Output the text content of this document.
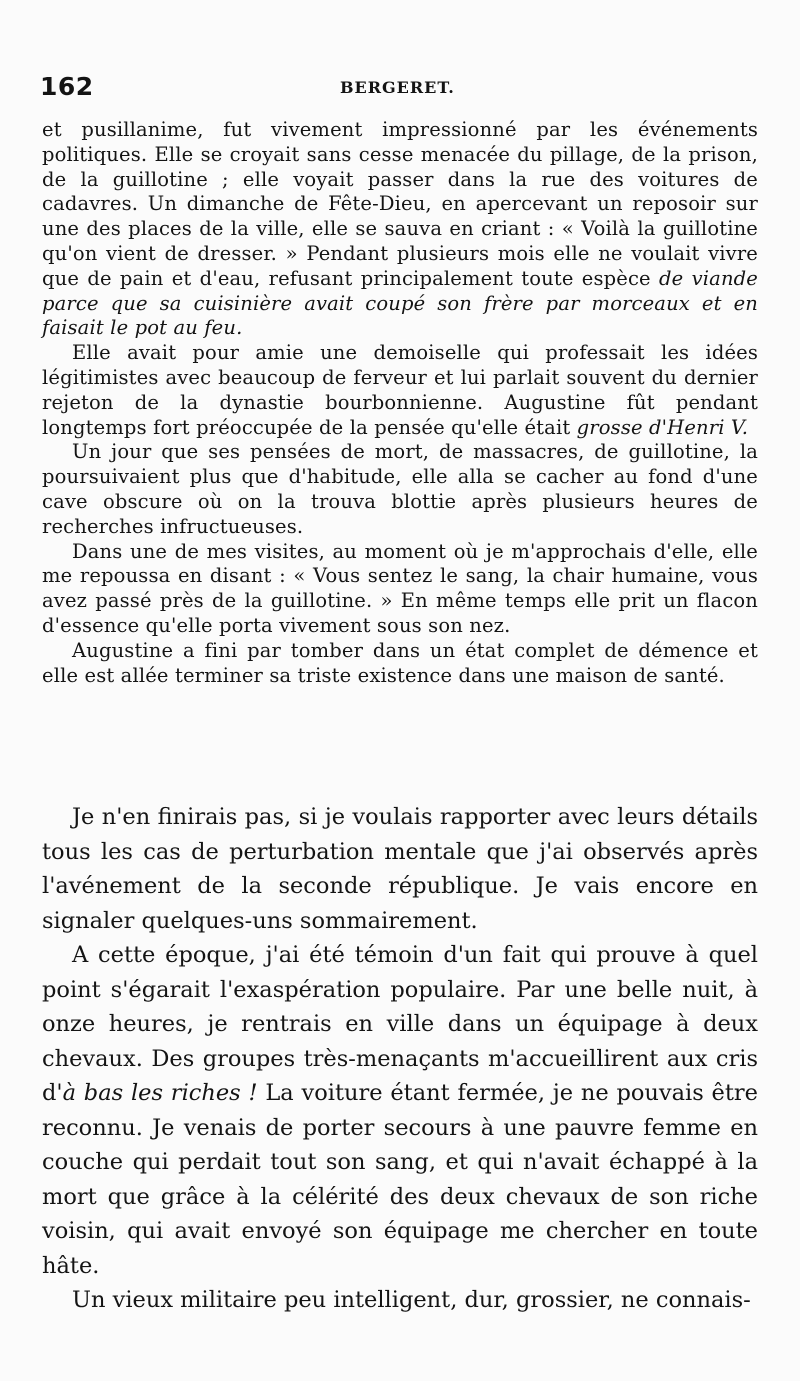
162	BERGERET.

et pusillanime, fut vivement impressionné par les événements politiques. Elle se croyait sans cesse menacée du pillage, de la prison, de la guillotine ; elle voyait passer dans la rue des voitures de cadavres. Un dimanche de Fête-Dieu, en apercevant un reposoir sur une des places de la ville, elle se sauva en criant : « Voilà la guillotine qu'on vient de dresser. » Pendant plusieurs mois elle ne voulait vivre que de pain et d'eau, refusant principalement toute espèce de viande parce que sa cuisinière avait coupé son frère par morceaux et en faisait le pot au feu.

Elle avait pour amie une demoiselle qui professait les idées légitimistes avec beaucoup de ferveur et lui parlait souvent du dernier rejeton de la dynastie bourbonnienne. Augustine fût pendant longtemps fort préoccupée de la pensée qu'elle était grosse d'Henri V.

Un jour que ses pensées de mort, de massacres, de guillotine, la poursuivaient plus que d'habitude, elle alla se cacher au fond d'une cave obscure où on la trouva blottie après plusieurs heures de recherches infructueuses.

Dans une de mes visites, au moment où je m'approchais d'elle, elle me repoussa en disant : « Vous sentez le sang, la chair humaine, vous avez passé près de la guillotine. » En même temps elle prit un flacon d'essence qu'elle porta vivement sous son nez.

Augustine a fini par tomber dans un état complet de démence et elle est allée terminer sa triste existence dans une maison de santé.

Je n'en finirais pas, si je voulais rapporter avec leurs détails tous les cas de perturbation mentale que j'ai observés après l'avénement de la seconde république. Je vais encore en signaler quelques-uns sommairement.

A cette époque, j'ai été témoin d'un fait qui prouve à quel point s'égarait l'exaspération populaire. Par une belle nuit, à onze heures, je rentrais en ville dans un équipage à deux chevaux. Des groupes très-menaçants m'accueillirent aux cris d'à bas les riches ! La voiture étant fermée, je ne pouvais être reconnu. Je venais de porter secours à une pauvre femme en couche qui perdait tout son sang, et qui n'avait échappé à la mort que grâce à la célérité des deux chevaux de son riche voisin, qui avait envoyé son équipage me chercher en toute hâte.

Un vieux militaire peu intelligent, dur, grossier, ne connais-
